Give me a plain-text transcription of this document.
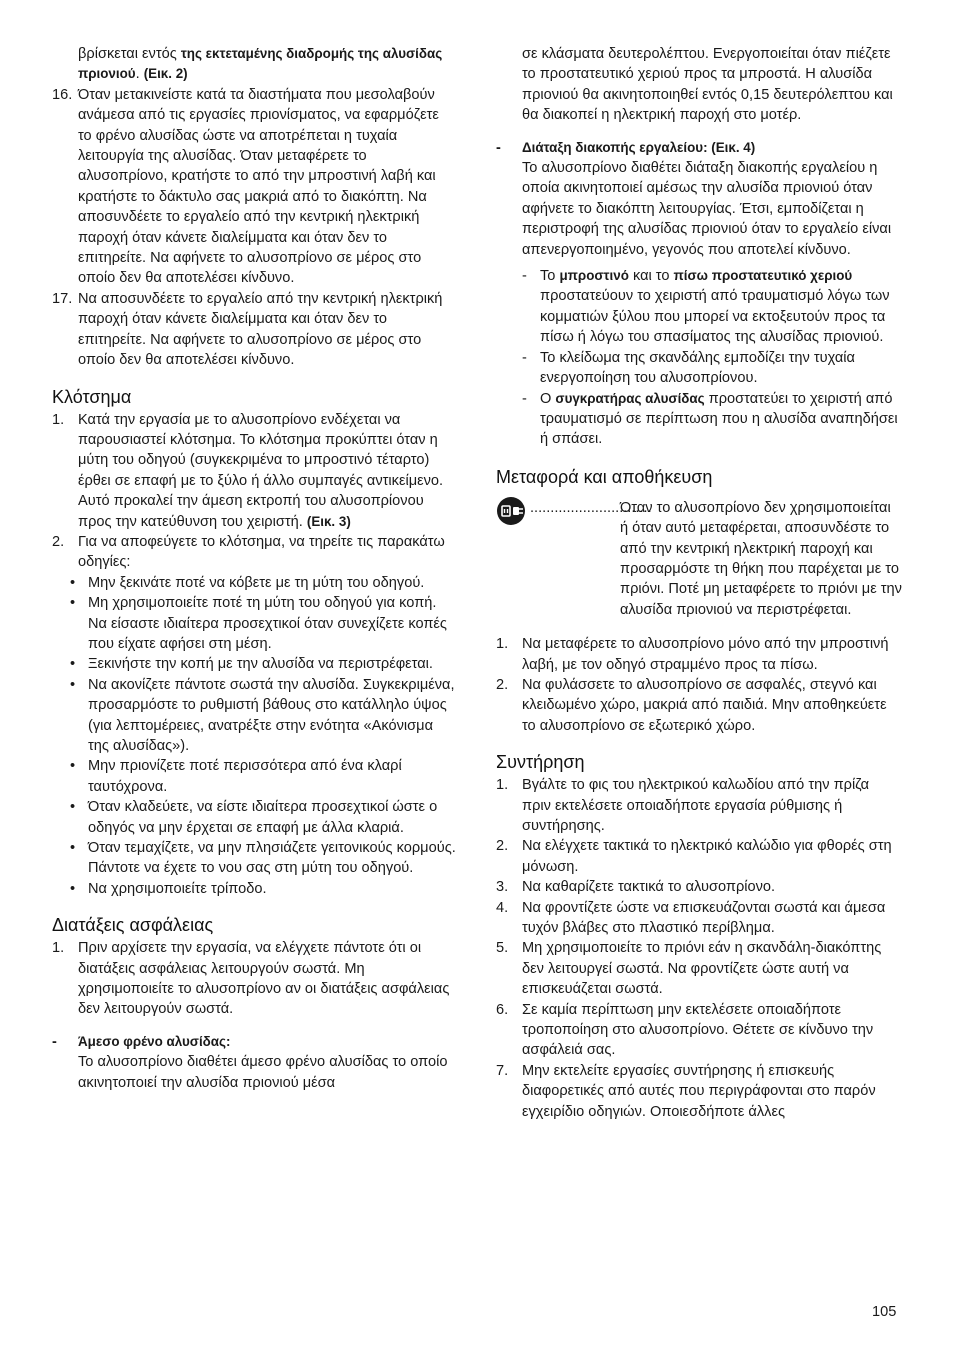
βρίσκεται εντός της εκτεταμένης διαδρομής της αλυσίδας πριονιού. (Εικ. 2)

16. Όταν μετακινείστε κατά τα διαστήματα που μεσολαβούν ανάμεσα από τις εργασίες πριονίσματος, να εφαρμόζετε το φρένο αλυσίδας ώστε να αποτρέπεται η τυχαία λειτουργία της αλυσίδας. Όταν μεταφέρετε το αλυσοπρίονο, κρατήστε το από την μπροστινή λαβή και κρατήστε το δάκτυλο σας μακριά από το διακόπτη. Να αποσυνδέετε το εργαλείο από την κεντρική ηλεκτρική παροχή όταν κάνετε διαλείμματα και όταν δεν το επιτηρείτε. Να αφήνετε το αλυσοπρίονο σε μέρος στο οποίο δεν θα αποτελέσει κίνδυνο.
17. Να αποσυνδέετε το εργαλείο από την κεντρική ηλεκτρική παροχή όταν κάνετε διαλείμματα και όταν δεν το επιτηρείτε. Να αφήνετε το αλυσοπρίονο σε μέρος στο οποίο δεν θα αποτελέσει κίνδυνο.
Κλότσημα
1. Κατά την εργασία με το αλυσοπρίονο ενδέχεται να παρουσιαστεί κλότσημα. Το κλότσημα προκύπτει όταν η μύτη του οδηγού (συγκεκριμένα το μπροστινό τέταρτο) έρθει σε επαφή με το ξύλο ή άλλο συμπαγές αντικείμενο. Αυτό προκαλεί την άμεση εκτροπή του αλυσοπρίονου προς την κατεύθυνση του χειριστή. (Εικ. 3)
2. Για να αποφεύγετε το κλότσημα, να τηρείτε τις παρακάτω οδηγίες:
• Μην ξεκινάτε ποτέ να κόβετε με τη μύτη του οδηγού.
• Μη χρησιμοποιείτε ποτέ τη μύτη του οδηγού για κοπή. Να είσαστε ιδιαίτερα προσεχτικοί όταν συνεχίζετε κοπές που είχατε αφήσει στη μέση.
• Ξεκινήστε την κοπή με την αλυσίδα να περιστρέφεται.
• Να ακονίζετε πάντοτε σωστά την αλυσίδα. Συγκεκριμένα, προσαρμόστε το ρυθμιστή βάθους στο κατάλληλο ύψος (για λεπτομέρειες, ανατρέξτε στην ενότητα «Ακόνισμα της αλυσίδας»).
• Μην πριονίζετε ποτέ περισσότερα από ένα κλαρί ταυτόχρονα.
• Όταν κλαδεύετε, να είστε ιδιαίτερα προσεχτικοί ώστε ο οδηγός να μην έρχεται σε επαφή με άλλα κλαριά.
• Όταν τεμαχίζετε, να μην πλησιάζετε γειτονικούς κορμούς. Πάντοτε να έχετε το νου σας στη μύτη του οδηγού.
• Να χρησιμοποιείτε τρίποδο.
Διατάξεις ασφάλειας
1. Πριν αρχίσετε την εργασία, να ελέγχετε πάντοτε ότι οι διατάξεις ασφάλειας λειτουργούν σωστά. Μη χρησιμοποιείτε το αλυσοπρίονο αν οι διατάξεις ασφάλειας δεν λειτουργούν σωστά.
-	Άμεσο φρένο αλυσίδας:

Το αλυσοπρίονο διαθέτει άμεσο φρένο αλυσίδας το οποίο ακινητοποιεί την αλυσίδα πριονιού μέσα

σε κλάσματα δευτερολέπτου. Ενεργοποιείται όταν πιέζετε το προστατευτικό χεριού προς τα μπροστά. Η αλυσίδα πριονιού θα ακινητοποιηθεί εντός 0,15 δευτερόλεπτου και θα διακοπεί η ηλεκτρική παροχή στο μοτέρ.

-	Διάταξη διακοπής εργαλείου: (Εικ. 4)

Το αλυσοπρίονο διαθέτει διάταξη διακοπής εργαλείου η οποία ακινητοποιεί αμέσως την αλυσίδα πριονιού όταν αφήνετε το διακόπτη λειτουργίας. Έτσι, εμποδίζεται η περιστροφή της αλυσίδας πριονιού όταν το εργαλείο είναι απενεργοποιημένο, γεγονός που αποτελεί κίνδυνο.

- Το μπροστινό και το πίσω προστατευτικό χεριού προστατεύουν το χειριστή από τραυματισμό λόγω των κομματιών ξύλου που μπορεί να εκτοξευτούν προς τα πίσω ή λόγω του σπασίματος της αλυσίδας πριονιού.
- Το κλείδωμα της σκανδάλης εμποδίζει την τυχαία ενεργοποίηση του αλυσοπρίονου.
- Ο συγκρατήρας αλυσίδας προστατεύει το χειριστή από τραυματισμό σε περίπτωση που η αλυσίδα αναπηδήσει ή σπάσει.
Μεταφορά και αποθήκευση
..............................
Όταν το αλυσοπρίονο δεν χρησιμοποιείται ή όταν αυτό μεταφέρεται, αποσυνδέστε το από την κεντρική ηλεκτρική παροχή και προσαρμόστε τη θήκη που παρέχεται με το πριόνι. Ποτέ μη μεταφέρετε το πριόνι με την αλυσίδα πριονιού να περιστρέφεται.
1. Να μεταφέρετε το αλυσοπρίονο μόνο από την μπροστινή λαβή, με τον οδηγό στραμμένο προς τα πίσω.
2. Να φυλάσσετε το αλυσοπρίονο σε ασφαλές, στεγνό και κλειδωμένο χώρο, μακριά από παιδιά. Μην αποθηκεύετε το αλυσοπρίονο σε εξωτερικό χώρο.
Συντήρηση
1. Βγάλτε το φις του ηλεκτρικού καλωδίου από την πρίζα πριν εκτελέσετε οποιαδήποτε εργασία ρύθμισης ή συντήρησης.
2. Να ελέγχετε τακτικά το ηλεκτρικό καλώδιο για φθορές στη μόνωση.
3. Να καθαρίζετε τακτικά το αλυσοπρίονο.
4. Να φροντίζετε ώστε να επισκευάζονται σωστά και άμεσα τυχόν βλάβες στο πλαστικό περίβλημα.
5. Μη χρησιμοποιείτε το πριόνι εάν η σκανδάλη-διακόπτης δεν λειτουργεί σωστά. Να φροντίζετε ώστε αυτή να επισκευάζεται σωστά.
6. Σε καμία περίπτωση μην εκτελέσετε οποιαδήποτε τροποποίηση στο αλυσοπρίονο. Θέτετε σε κίνδυνο την ασφάλειά σας.
7. Μην εκτελείτε εργασίες συντήρησης ή επισκευής διαφορετικές από αυτές που περιγράφονται στο παρόν εγχειρίδιο οδηγιών. Οποιεσδήποτε άλλες
105
